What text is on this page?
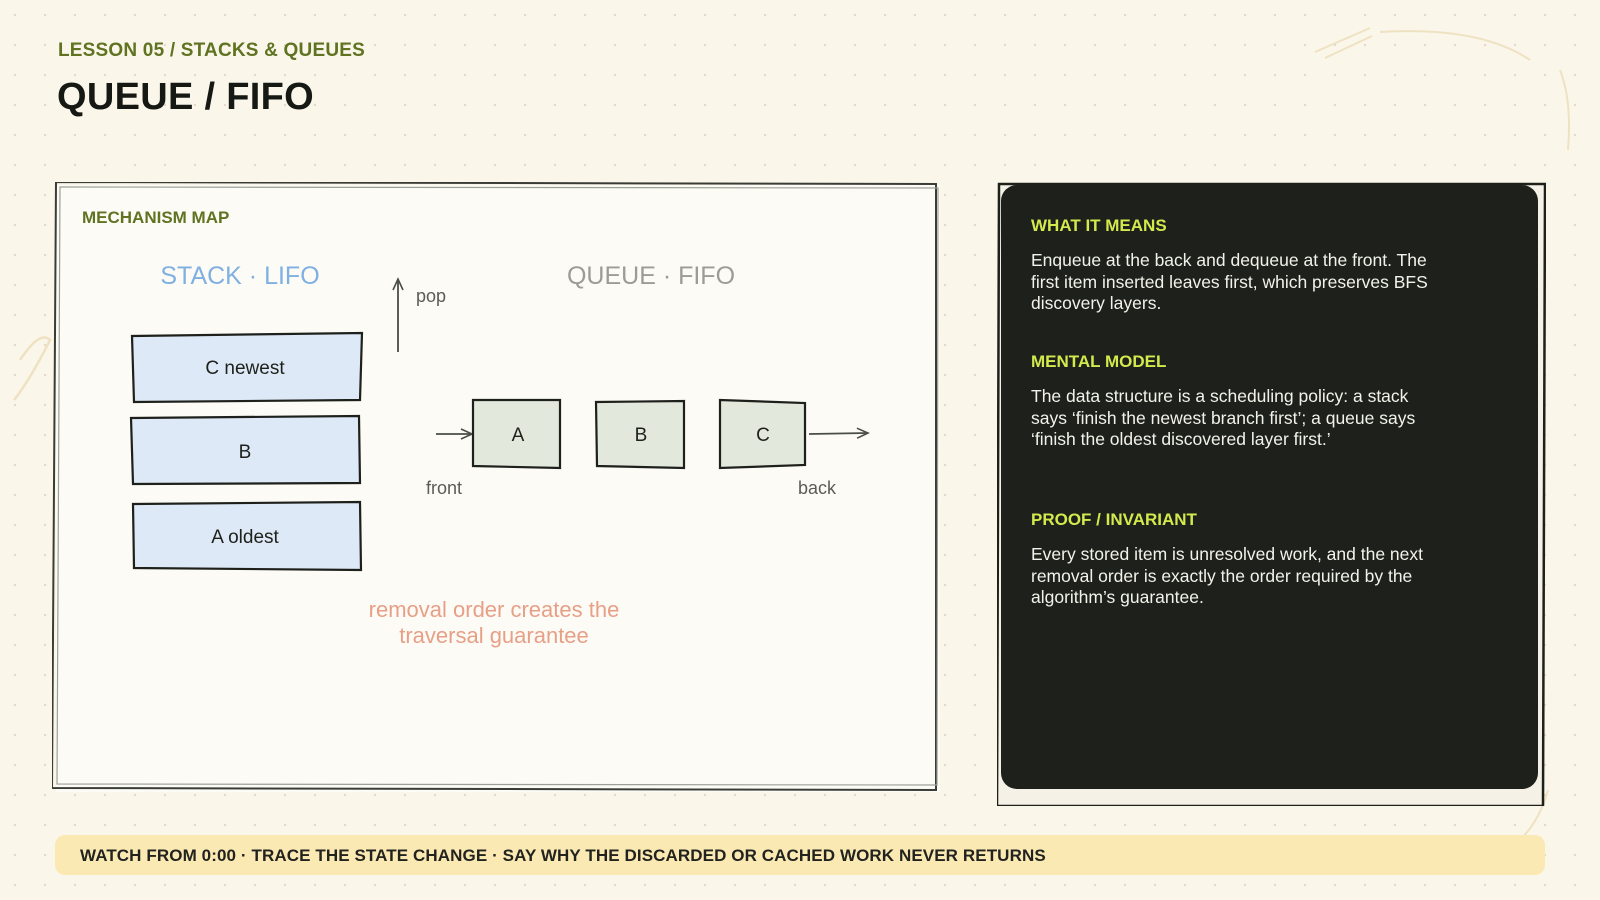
LESSON 05 / STACKS & QUEUES
QUEUE / FIFO
MECHANISM MAP
STACK · LIFO
pop
C newest
B
A oldest
QUEUE · FIFO
A	B	C
front	back
removal order creates the
traversal guarantee

WHAT IT MEANS

Enqueue at the back and dequeue at the front. The first item inserted leaves first, which preserves BFS discovery layers.

MENTAL MODEL

The data structure is a scheduling policy: a stack says ‘finish the newest branch first’; a queue says ‘finish the oldest discovered layer first.’

PROOF / INVARIANT

Every stored item is unresolved work, and the next removal order is exactly the order required by the algorithm’s guarantee.

WATCH FROM 0:00 · TRACE THE STATE CHANGE · SAY WHY THE DISCARDED OR CACHED WORK NEVER RETURNS
